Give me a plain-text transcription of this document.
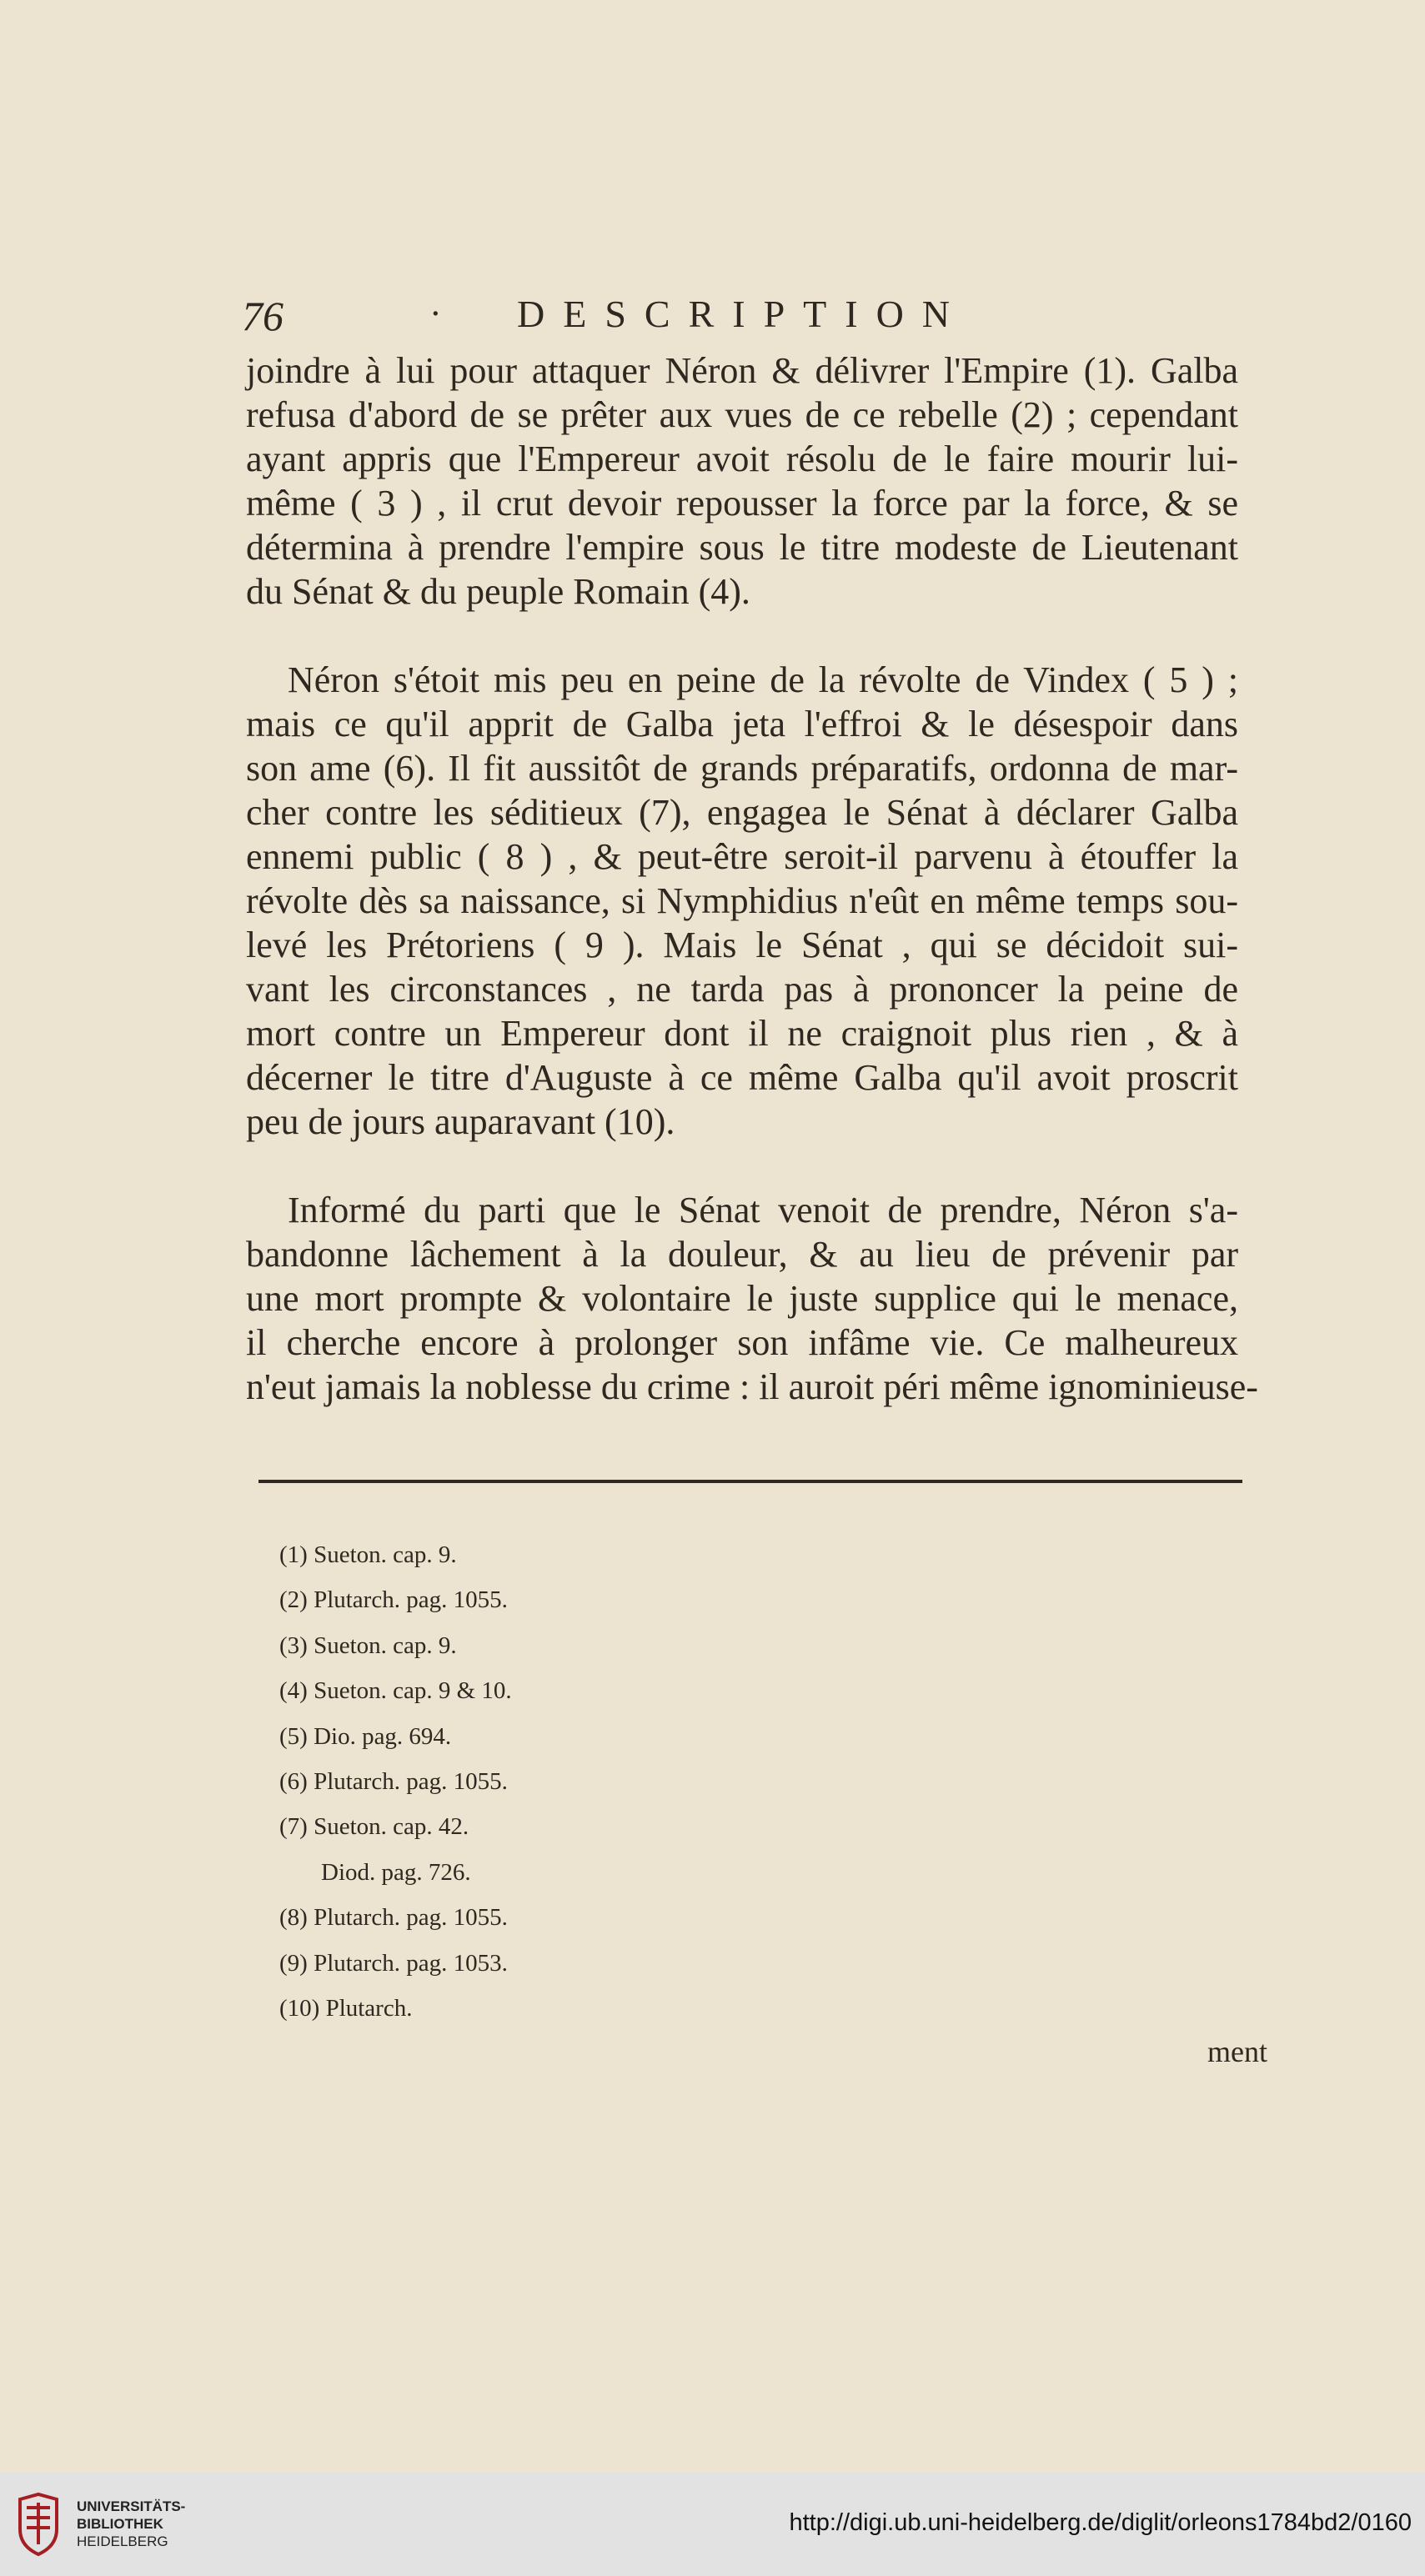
76	· DESCRIPTION

joindre à lui pour attaquer Néron & délivrer l'Empire (1). Galba
refusa d'abord de se prêter aux vues de ce rebelle (2) ; cependant
ayant appris que l'Empereur avoit résolu de le faire mourir lui-
même ( 3 ) , il crut devoir repousser la force par la force, & se
détermina à prendre l'empire sous le titre modeste de Lieutenant
du Sénat & du peuple Romain (4).

Néron s'étoit mis peu en peine de la révolte de Vindex ( 5 ) ;
mais ce qu'il apprit de Galba jeta l'effroi & le désespoir dans
son ame (6). Il fit aussitôt de grands préparatifs, ordonna de mar-
cher contre les séditieux (7), engagea le Sénat à déclarer Galba
ennemi public ( 8 ) , & peut-être seroit-il parvenu à étouffer la
révolte dès sa naissance, si Nymphidius n'eût en même temps sou-
levé les Prétoriens ( 9 ). Mais le Sénat , qui se décidoit sui-
vant les circonstances , ne tarda pas à prononcer la peine de
mort contre un Empereur dont il ne craignoit plus rien , & à
décerner le titre d'Auguste à ce même Galba qu'il avoit proscrit
peu de jours auparavant (10).

Informé du parti que le Sénat venoit de prendre, Néron s'a-
bandonne lâchement à la douleur, & au lieu de prévenir par
une mort prompte & volontaire le juste supplice qui le menace,
il cherche encore à prolonger son infâme vie. Ce malheureux
n'eut jamais la noblesse du crime : il auroit péri même ignominieuse-

(1) Sueton. cap. 9.
(2) Plutarch. pag. 1055.
(3) Sueton. cap. 9.
(4) Sueton. cap. 9 & 10.
(5) Dio. pag. 694.
(6) Plutarch. pag. 1055.
(7) Sueton. cap. 42.
Diod. pag. 726.
(8) Plutarch. pag. 1055.
(9) Plutarch. pag. 1053.
(10) Plutarch.
ment
UNIVERSITÄTS-
BIBLIOTHEK
HEIDELBERG
http://digi.ub.uni-heidelberg.de/diglit/orleons1784bd2/0160
